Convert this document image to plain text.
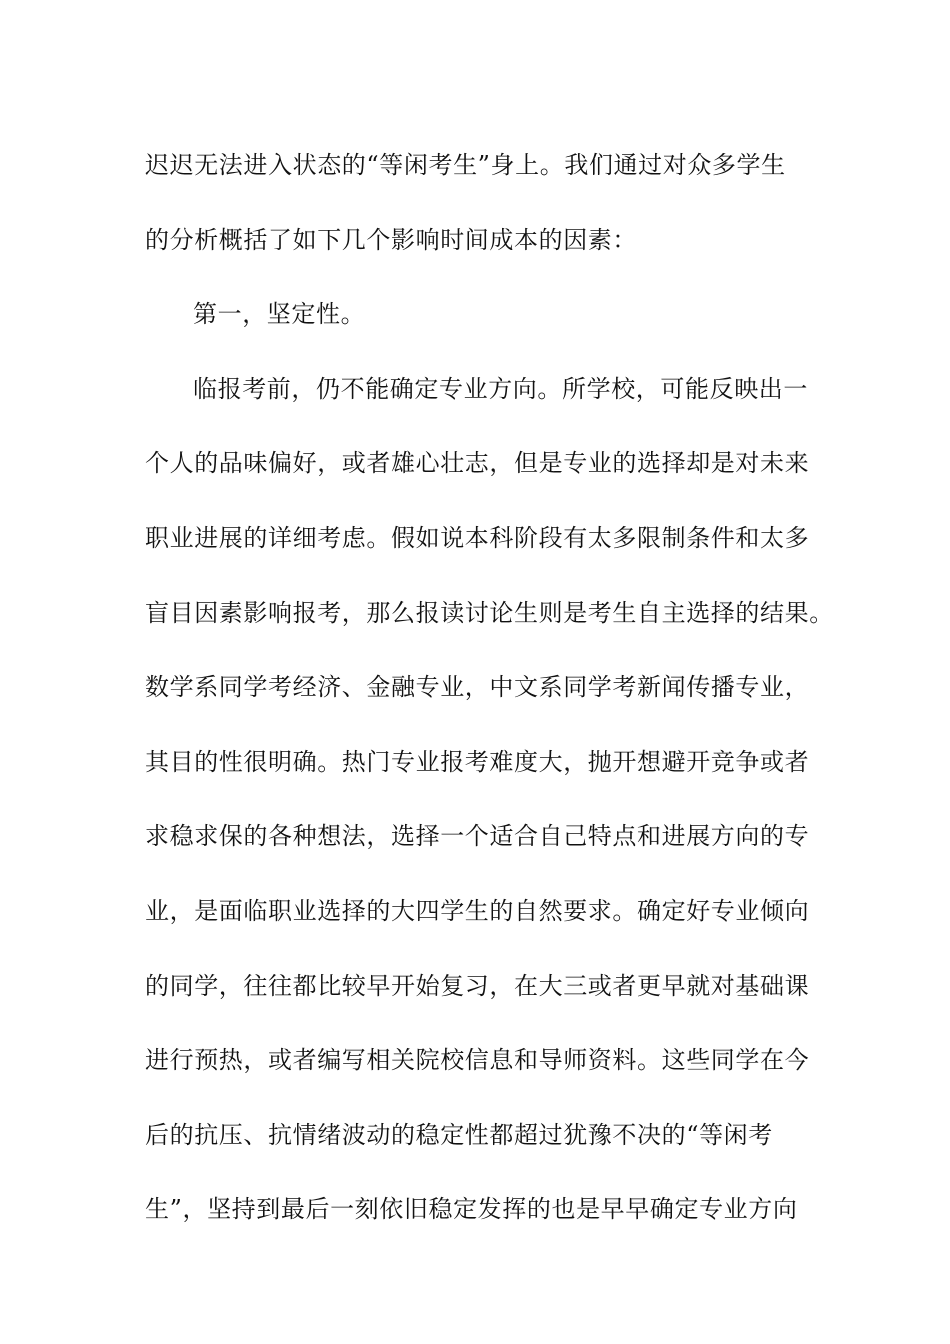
迟迟无法进入状态的“等闲考生”身上。我们通过对众多学生
的分析概括了如下几个影响时间成本的因素：
第一，坚定性。
临报考前，仍不能确定专业方向。所学校，可能反映出一
个人的品味偏好，或者雄心壮志，但是专业的选择却是对未来
职业进展的详细考虑。假如说本科阶段有太多限制条件和太多
盲目因素影响报考，那么报读讨论生则是考生自主选择的结果。
数学系同学考经济、金融专业，中文系同学考新闻传播专业，
其目的性很明确。热门专业报考难度大，抛开想避开竞争或者
求稳求保的各种想法，选择一个适合自己特点和进展方向的专
业，是面临职业选择的大四学生的自然要求。确定好专业倾向
的同学，往往都比较早开始复习，在大三或者更早就对基础课
进行预热，或者编写相关院校信息和导师资料。这些同学在今
后的抗压、抗情绪波动的稳定性都超过犹豫不决的“等闲考
生”，坚持到最后一刻依旧稳定发挥的也是早早确定专业方向
